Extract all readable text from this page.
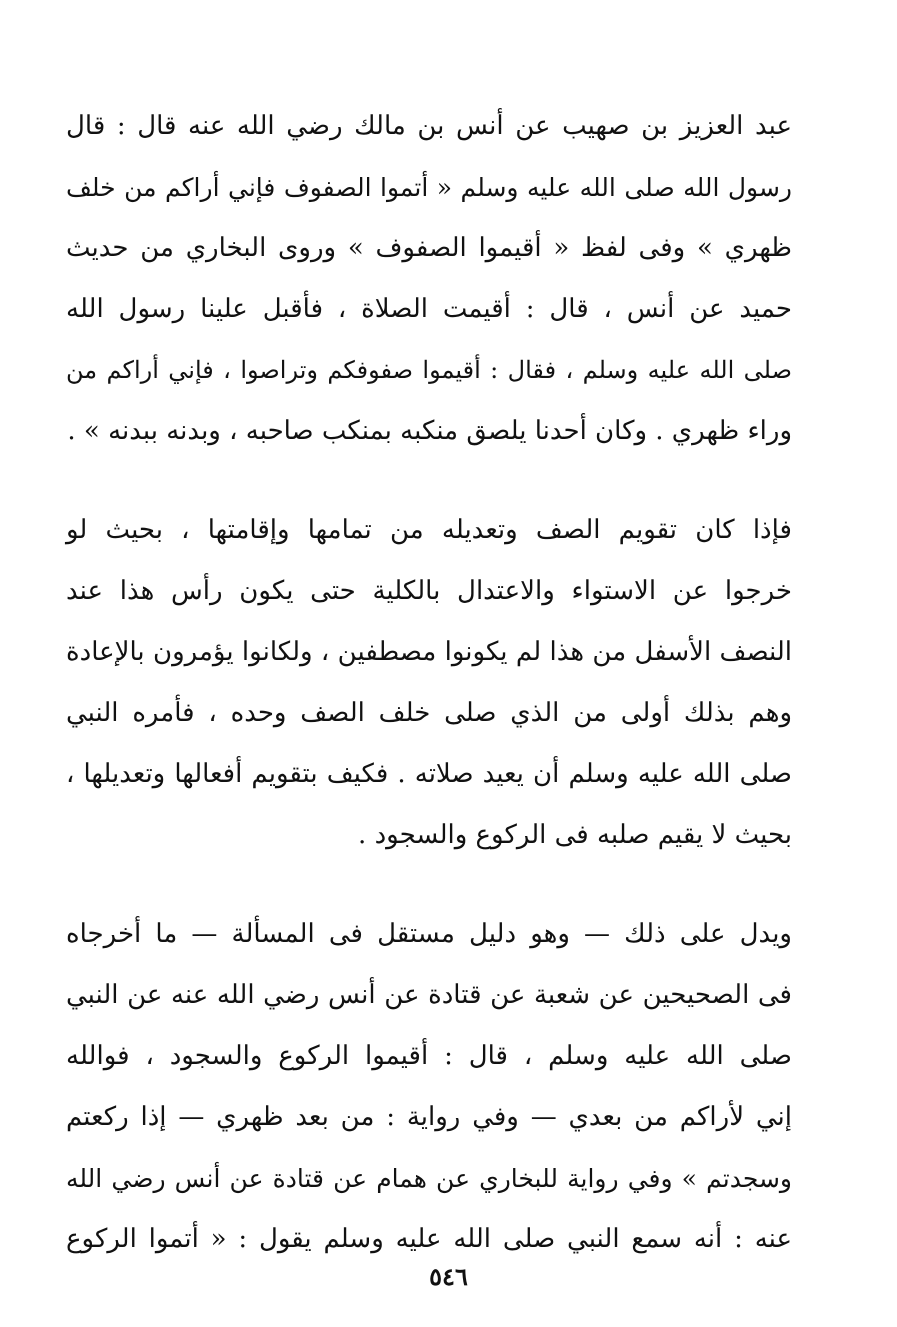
عبد العزيز بن صهيب عن أنس بن مالك رضي الله عنه قال : قال
رسول الله صلى الله عليه وسلم « أتموا الصفوف فإني أراكم من خلف
ظهري » وفى لفظ « أقيموا الصفوف » وروى البخاري من حديث
حميد عن أنس ، قال : أقيمت الصلاة ، فأقبل علينا رسول الله
صلى الله عليه وسلم ، فقال : أقيموا صفوفكم وتراصوا ، فإني أراكم من
وراء ظهري . وكان أحدنا يلصق منكبه بمنكب صاحبه ، وبدنه ببدنه » .
فإذا كان تقويم الصف وتعديله من تمامها وإقامتها ، بحيث لو
خرجوا عن الاستواء والاعتدال بالكلية حتى يكون رأس هذا عند
النصف الأسفل من هذا لم يكونوا مصطفين ، ولكانوا يؤمرون بالإعادة
وهم بذلك أولى من الذي صلى خلف الصف وحده ، فأمره النبي
صلى الله عليه وسلم أن يعيد صلاته . فكيف بتقويم أفعالها وتعديلها ،
بحيث لا يقيم صلبه فى الركوع والسجود .
ويدل على ذلك — وهو دليل مستقل فى المسألة — ما أخرجاه
فى الصحيحين عن شعبة عن قتادة عن أنس رضي الله عنه عن النبي
صلى الله عليه وسلم ، قال : أقيموا الركوع والسجود ، فوالله
إني لأراكم من بعدي — وفي رواية : من بعد ظهري — إذا ركعتم
وسجدتم » وفي رواية للبخاري عن همام عن قتادة عن أنس رضي الله
عنه : أنه سمع النبي صلى الله عليه وسلم يقول : « أتموا الركوع
٥٤٦
